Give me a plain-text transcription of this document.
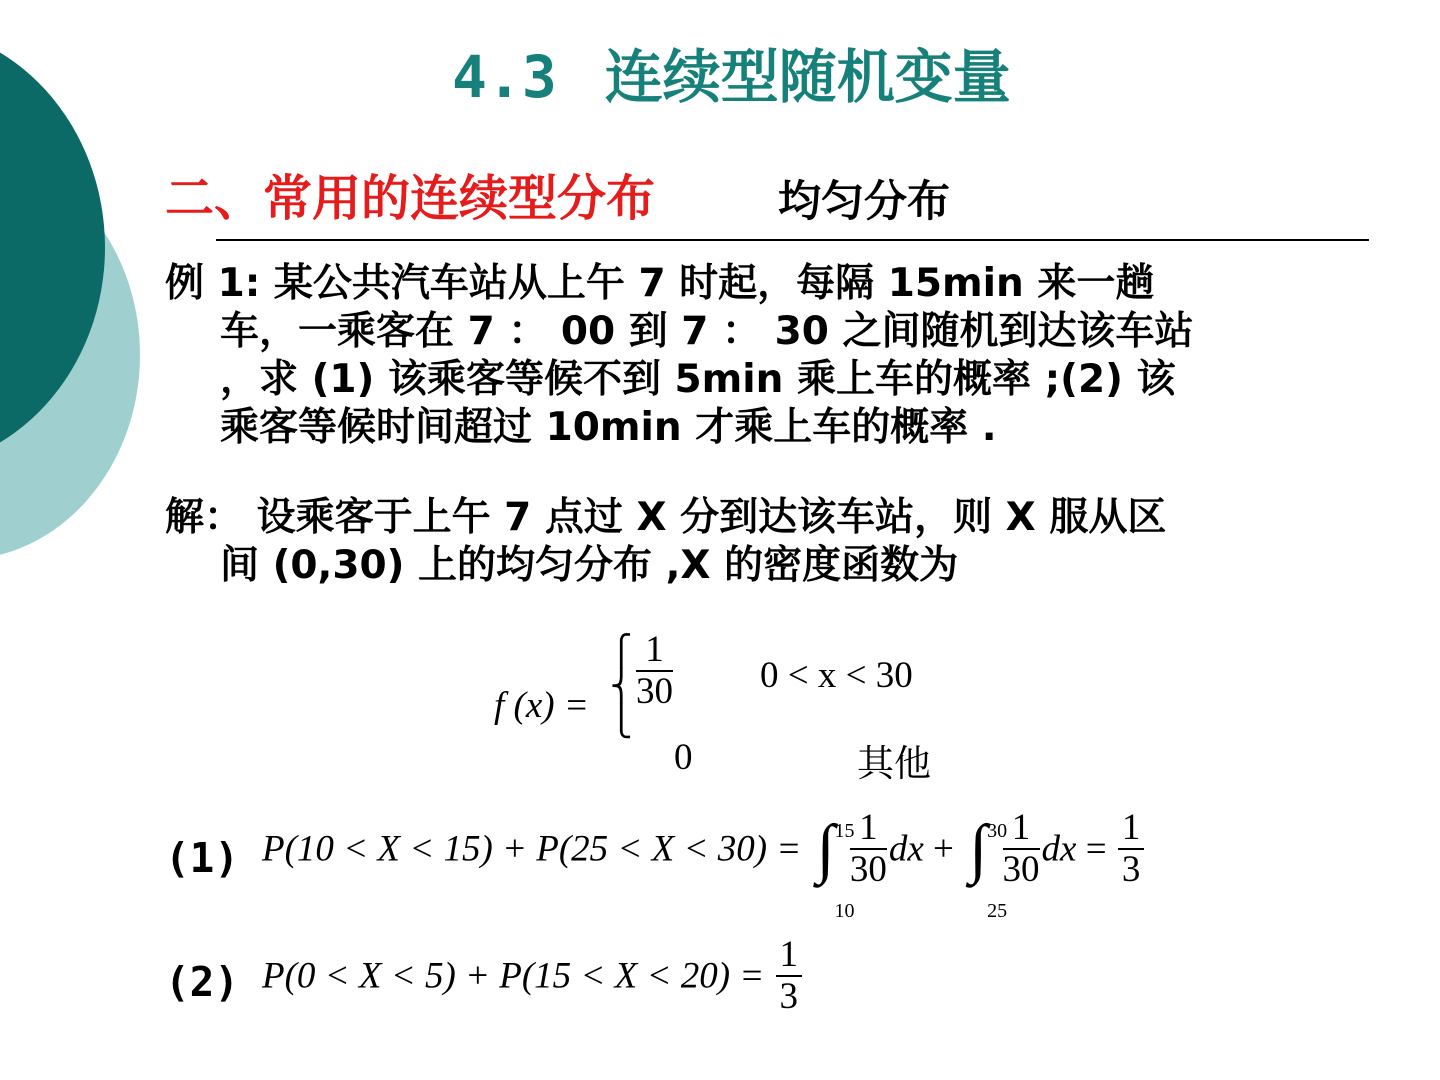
4.3 连续型随机变量
二、常用的连续型分布	均匀分布
例 1: 某公共汽车站从上午 7 时起，每隔 15min 来一趟
车，一乘客在 7 ： 00 到 7 ： 30 之间随机到达该车站
，求 (1) 该乘客等候不到 5min 乘上车的概率 ;(2) 该
乘客等候时间超过 10min 才乘上车的概率 .
解： 设乘客于上午 7 点过 X 分到达该车站，则 X 服从区
间 (0,30) 上的均匀分布 ,X 的密度函数为
f (x) =
⎧
⎨
⎩
$\frac{1}{30} 0 < x < 30$
0	其他
(1) P(10 < X < 15) + P(25 < X < 30) = ∫ 15
10

$\frac{1}{30}$ dx + ∫ 30
25

$\frac{1}{30}$ dx = $\frac{1}{3}$
(2) $P(0 < X < 5) + P(15 < X < 20) = \frac{1}{3}$
